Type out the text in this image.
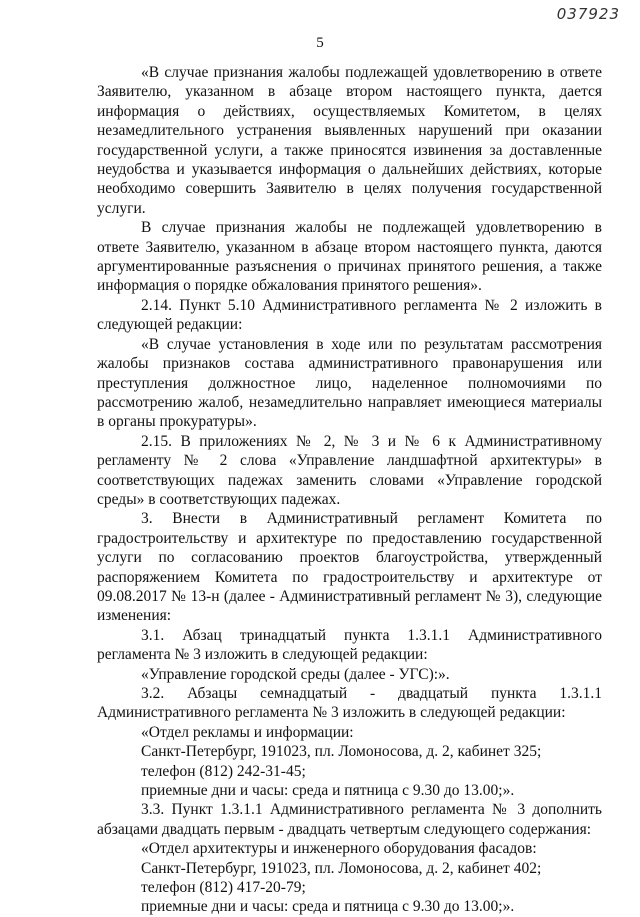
037923
5

«В случае признания жалобы подлежащей удовлетворению в ответе Заявителю, указанном в абзаце втором настоящего пункта, дается информация о действиях, осуществляемых Комитетом, в целях незамедлительного устранения выявленных нарушений при оказании государственной услуги, а также приносятся извинения за доставленные неудобства и указывается информация о дальнейших действиях, которые необходимо совершить Заявителю в целях получения государственной услуги.

В случае признания жалобы не подлежащей удовлетворению в ответе Заявителю, указанном в абзаце втором настоящего пункта, даются аргументированные разъяснения о причинах принятого решения, а также информация о порядке обжалования принятого решения».

2.14. Пункт 5.10 Административного регламента № 2 изложить в следующей редакции:

«В случае установления в ходе или по результатам рассмотрения жалобы признаков состава административного правонарушения или преступления должностное лицо, наделенное полномочиями по рассмотрению жалоб, незамедлительно направляет имеющиеся материалы в органы прокуратуры».

2.15. В приложениях № 2, № 3 и № 6 к Административному регламенту № 2 слова «Управление ландшафтной архитектуры» в соответствующих падежах заменить словами «Управление городской среды» в соответствующих падежах.

3. Внести в Административный регламент Комитета по градостроительству и архитектуре по предоставлению государственной услуги по согласованию проектов благоустройства, утвержденный распоряжением Комитета по градостроительству и архитектуре от 09.08.2017 № 13-н (далее - Административный регламент № 3), следующие изменения:

3.1. Абзац тринадцатый пункта 1.3.1.1 Административного регламента № 3 изложить в следующей редакции:

«Управление городской среды (далее - УГС):».

3.2. Абзацы семнадцатый - двадцатый пункта 1.3.1.1 Административного регламента № 3 изложить в следующей редакции:

«Отдел рекламы и информации:

Санкт-Петербург, 191023, пл. Ломоносова, д. 2, кабинет 325;

телефон (812) 242-31-45;

приемные дни и часы: среда и пятница с 9.30 до 13.00;».

3.3. Пункт 1.3.1.1 Административного регламента № 3 дополнить абзацами двадцать первым - двадцать четвертым следующего содержания:

«Отдел архитектуры и инженерного оборудования фасадов:

Санкт-Петербург, 191023, пл. Ломоносова, д. 2, кабинет 402;

телефон (812) 417-20-79;

приемные дни и часы: среда и пятница с 9.30 до 13.00;».
